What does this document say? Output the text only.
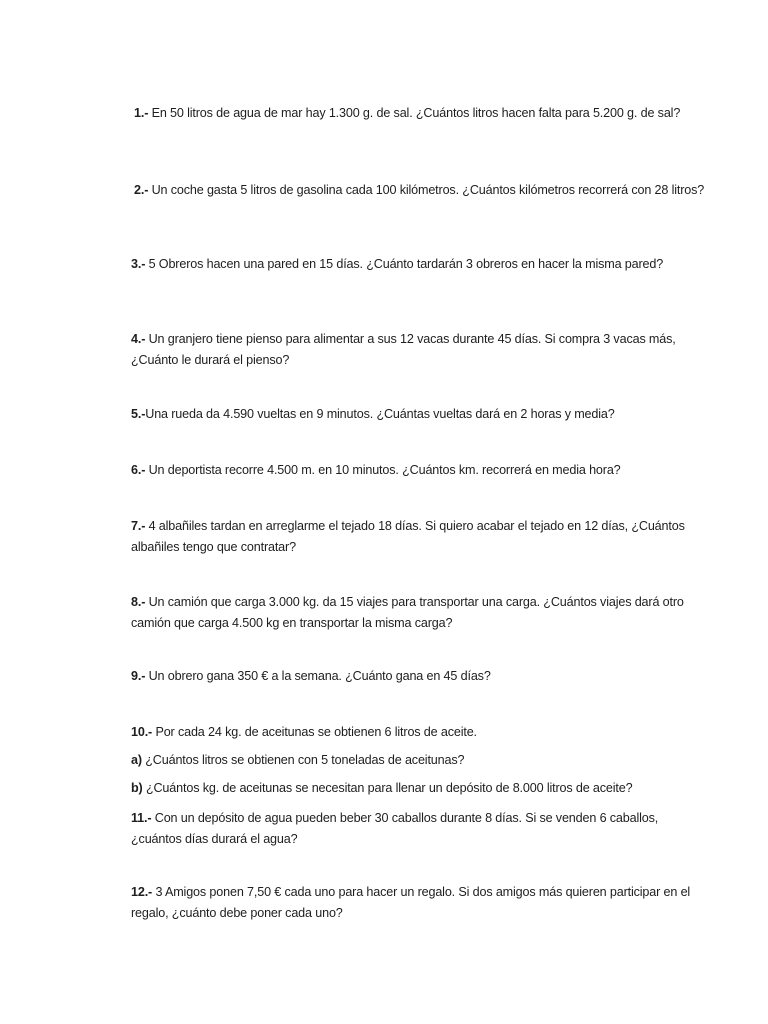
1.- En 50 litros de agua de mar hay 1.300 g. de sal. ¿Cuántos litros hacen falta para 5.200 g. de sal?

2.- Un coche gasta 5 litros de gasolina cada 100 kilómetros. ¿Cuántos kilómetros recorrerá con 28 litros?

3.- 5 Obreros hacen una pared en 15 días. ¿Cuánto tardarán 3 obreros en hacer la misma pared?

4.- Un granjero tiene pienso para alimentar a sus 12 vacas durante 45 días. Si compra 3 vacas más, ¿Cuánto le durará el pienso?

5.-Una rueda da 4.590 vueltas en 9 minutos. ¿Cuántas vueltas dará en 2 horas y media?

6.- Un deportista recorre 4.500 m. en 10 minutos. ¿Cuántos km. recorrerá en media hora?

7.- 4 albañiles tardan en arreglarme el tejado 18 días. Si quiero acabar el tejado en 12 días, ¿Cuántos albañiles tengo que contratar?

8.- Un camión que carga 3.000 kg. da 15 viajes para transportar una carga. ¿Cuántos viajes dará otro camión que carga 4.500 kg en transportar la misma carga?

9.- Un obrero gana 350 € a la semana. ¿Cuánto gana en 45 días?

10.- Por cada 24 kg. de aceitunas se obtienen 6 litros de aceite.

a) ¿Cuántos litros se obtienen con 5 toneladas de aceitunas?

b) ¿Cuántos kg. de aceitunas se necesitan para llenar un depósito de 8.000 litros de aceite?

11.- Con un depósito de agua pueden beber 30 caballos durante 8 días. Si se venden 6 caballos, ¿cuántos días durará el agua?

12.- 3 Amigos ponen 7,50 € cada uno para hacer un regalo. Si dos amigos más quieren participar en el regalo, ¿cuánto debe poner cada uno?
